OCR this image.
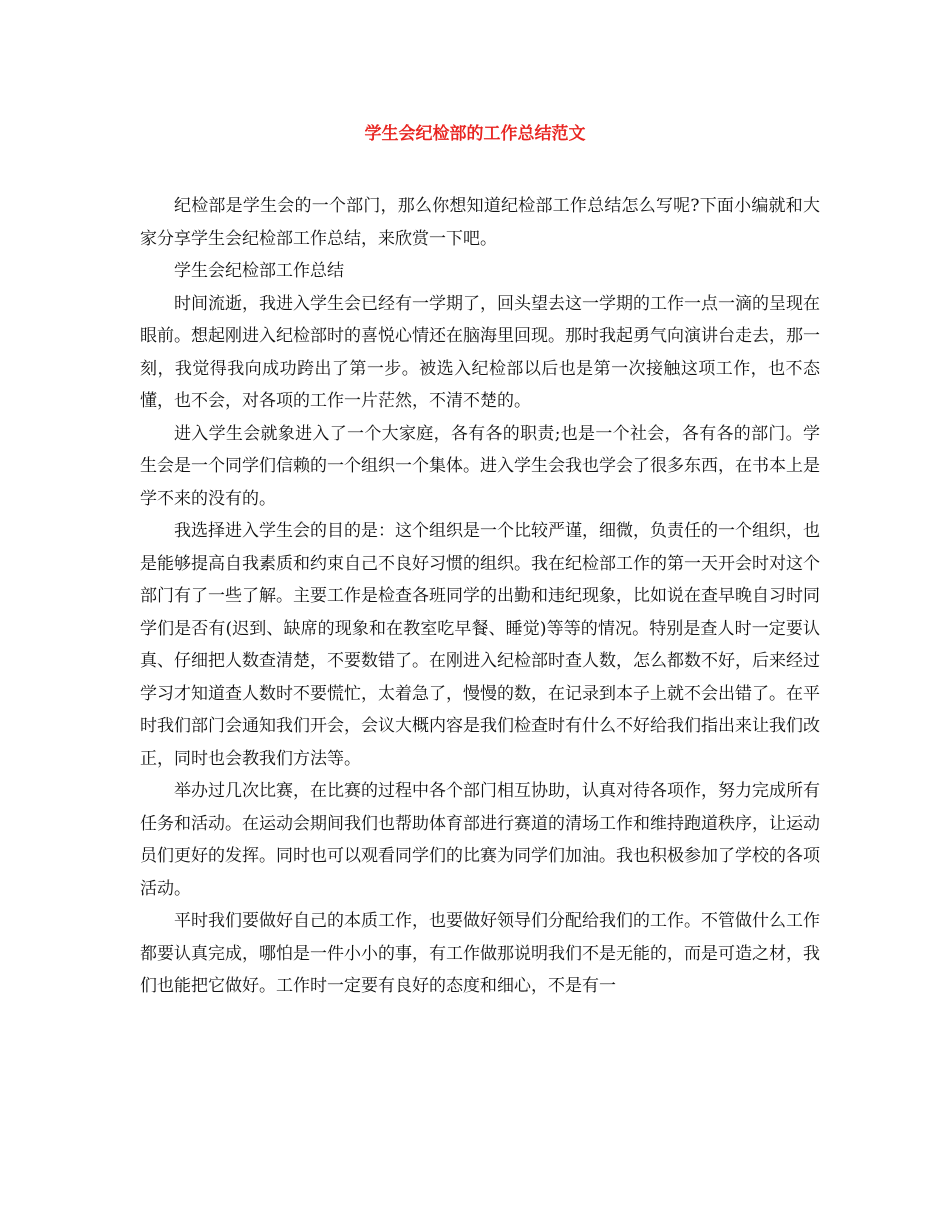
学生会纪检部的工作总结范文

纪检部是学生会的一个部门，那么你想知道纪检部工作总结怎么写呢?下面小编就和大家分享学生会纪检部工作总结，来欣赏一下吧。

学生会纪检部工作总结

时间流逝，我进入学生会已经有一学期了，回头望去这一学期的工作一点一滴的呈现在眼前。想起刚进入纪检部时的喜悦心情还在脑海里回现。那时我起勇气向演讲台走去，那一刻，我觉得我向成功跨出了第一步。被选入纪检部以后也是第一次接触这项工作，也不态懂，也不会，对各项的工作一片茫然，不清不楚的。

进入学生会就象进入了一个大家庭，各有各的职责;也是一个社会，各有各的部门。学生会是一个同学们信赖的一个组织一个集体。进入学生会我也学会了很多东西，在书本上是学不来的没有的。

我选择进入学生会的目的是：这个组织是一个比较严谨，细微，负责任的一个组织，也是能够提高自我素质和约束自己不良好习惯的组织。我在纪检部工作的第一天开会时对这个部门有了一些了解。主要工作是检查各班同学的出勤和违纪现象，比如说在查早晚自习时同学们是否有(迟到、缺席的现象和在教室吃早餐、睡觉)等等的情况。特别是查人时一定要认真、仔细把人数查清楚，不要数错了。在刚进入纪检部时查人数，怎么都数不好，后来经过学习才知道查人数时不要慌忙，太着急了，慢慢的数，在记录到本子上就不会出错了。在平时我们部门会通知我们开会，会议大概内容是我们检查时有什么不好给我们指出来让我们改正，同时也会教我们方法等。

举办过几次比赛，在比赛的过程中各个部门相互协助，认真对待各项作，努力完成所有任务和活动。在运动会期间我们也帮助体育部进行赛道的清场工作和维持跑道秩序，让运动员们更好的发挥。同时也可以观看同学们的比赛为同学们加油。我也积极参加了学校的各项活动。

平时我们要做好自己的本质工作，也要做好领导们分配给我们的工作。不管做什么工作都要认真完成，哪怕是一件小小的事，有工作做那说明我们不是无能的，而是可造之材，我们也能把它做好。工作时一定要有良好的态度和细心，不是有一
